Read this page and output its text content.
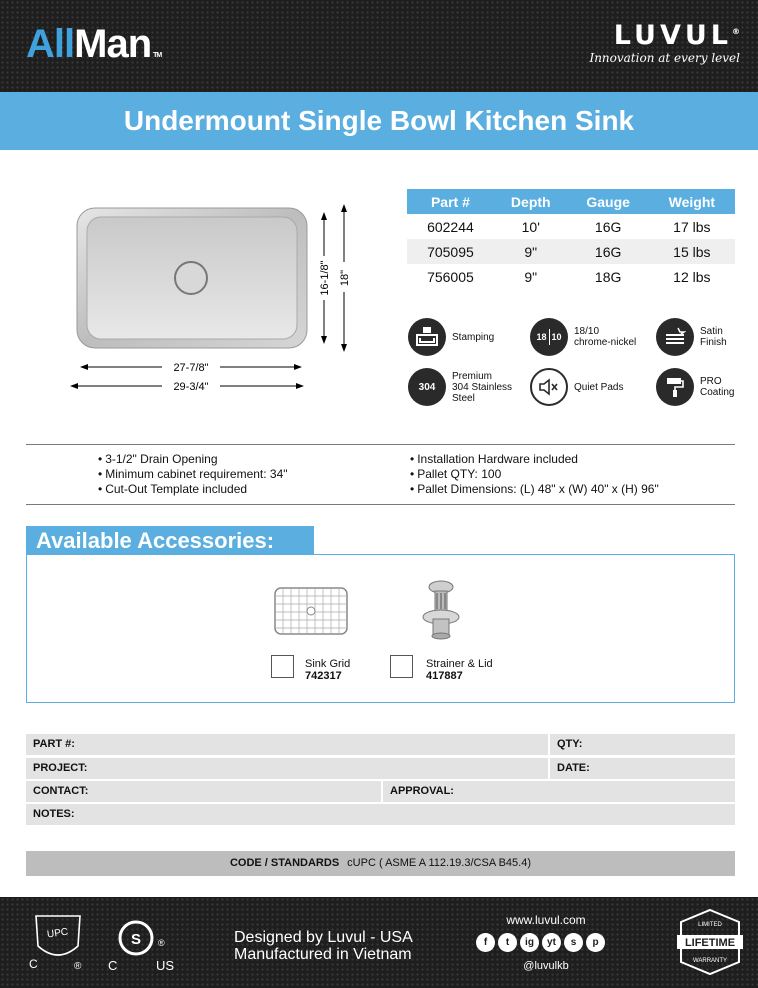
AllMan TM
LUVUL®
Innovation at every level
Undermount Single Bowl Kitchen Sink
16-1/8" 18"
27-7/8"
29-3/4"
Part #	Depth	Gauge	Weight
602244	10'	16G	17 lbs
705095	9"	16G	15 lbs
756005	9"	18G	12 lbs
Stamping	18 10 18/10
chrome-nickel
Satin
Finish
304
Premium
304 Stainless
Steel
Quiet Pads	PRO
Coating
• 3-1/2" Drain Opening
• Minimum cabinet requirement: 34"
• Cut-Out Template included
• Installation Hardware included
• Pallet QTY: 100
• Pallet Dimensions: (L) 48" x (W) 40" x (H) 96"
Available Accessories:
Sink Grid
742317
Strainer & Lid
417887
PART #:	QTY:
PROJECT:	DATE:
CONTACT:	APPROVAL:
NOTES:
CODE / STANDARDS cUPC ( ASME A 112.19.3/CSA B45.4)
UPC
C	®
S ®
C	US
Designed by Luvul - USA
Manufactured in Vietnam
www.luvul.com
f	t	ig	yt	s	p
@luvulkb
LIMITED
LIFETIME
WARRANTY
